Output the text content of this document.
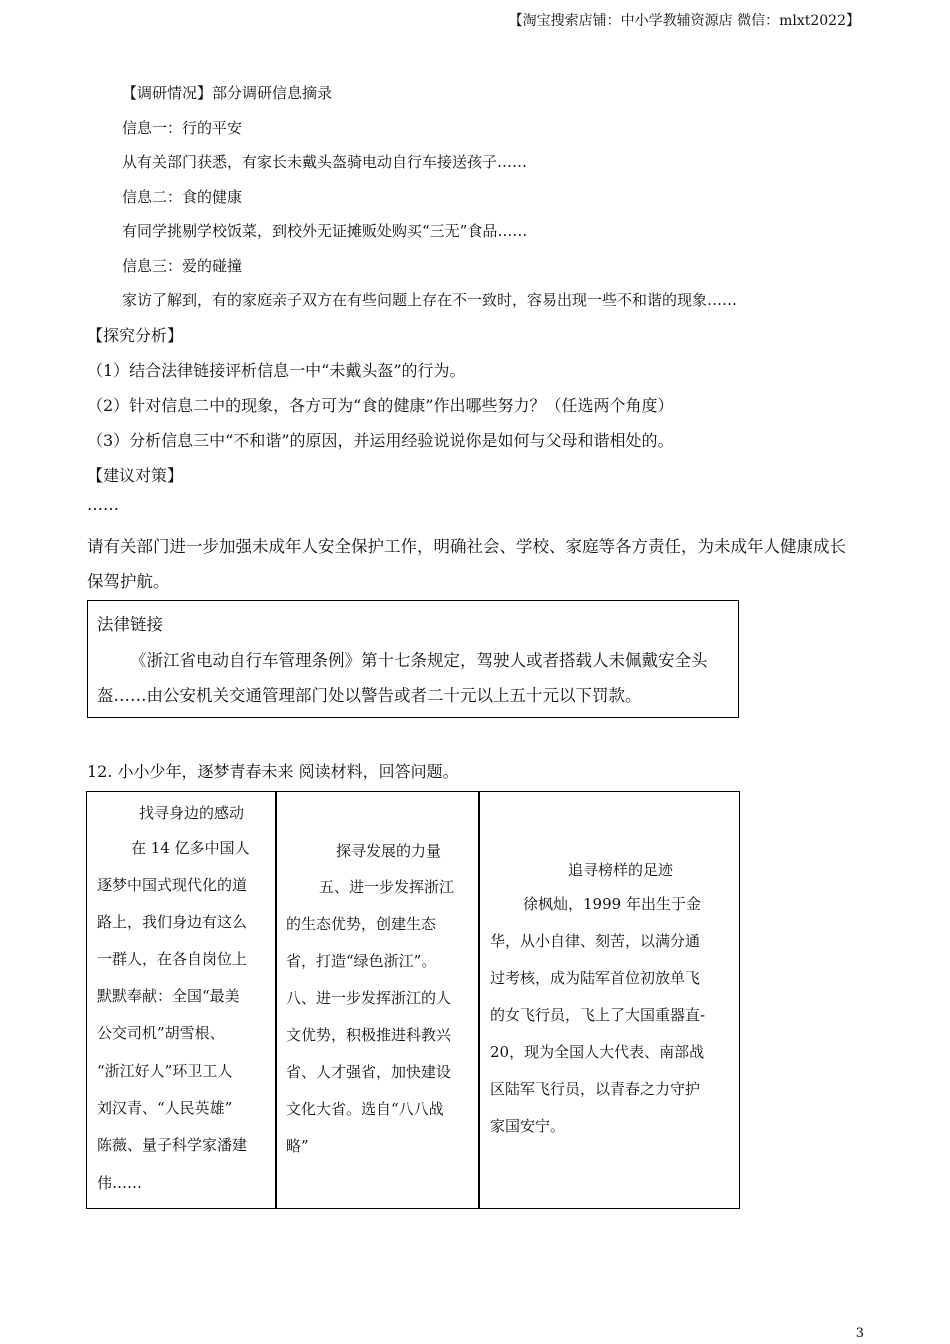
【淘宝搜索店铺：中小学教辅资源店 微信：mlxt2022】
【调研情况】部分调研信息摘录
信息一：行的平安
从有关部门获悉，有家长未戴头盔骑电动自行车接送孩子……
信息二：食的健康
有同学挑剔学校饭菜，到校外无证摊贩处购买“三无”食品……
信息三：爱的碰撞
家访了解到，有的家庭亲子双方在有些问题上存在不一致时，容易出现一些不和谐的现象……
【探究分析】
（1）结合法律链接评析信息一中“未戴头盔”的行为。
（2）针对信息二中的现象，各方可为“食的健康”作出哪些努力？（任选两个角度）
（3）分析信息三中“不和谐”的原因，并运用经验说说你是如何与父母和谐相处的。
【建议对策】
……
请有关部门进一步加强未成年人安全保护工作，明确社会、学校、家庭等各方责任，为未成年人健康成长
保驾护航。
法律链接
《浙江省电动自行车管理条例》第十七条规定，驾驶人或者搭载人未佩戴安全头
盔……由公安机关交通管理部门处以警告或者二十元以上五十元以下罚款。
12. 小小少年，逐梦青春未来 阅读材料，回答问题。
找寻身边的感动
在 14 亿多中国人
逐梦中国式现代化的道
路上，我们身边有这么
一群人，在各自岗位上
默默奉献：全国“最美
公交司机”胡雪根、
“浙江好人”环卫工人
刘汉青、“人民英雄”
陈薇、量子科学家潘建
伟……
探寻发展的力量
五、进一步发挥浙江
的生态优势，创建生态
省，打造“绿色浙江”。
八、进一步发挥浙江的人
文优势，积极推进科教兴
省、人才强省，加快建设
文化大省。选自“八八战
略”
追寻榜样的足迹
徐枫灿，1999 年出生于金
华，从小自律、刻苦，以满分通
过考核，成为陆军首位初放单飞
的女飞行员，飞上了大国重器直-
20，现为全国人大代表、南部战
区陆军飞行员，以青春之力守护
家国安宁。
3
